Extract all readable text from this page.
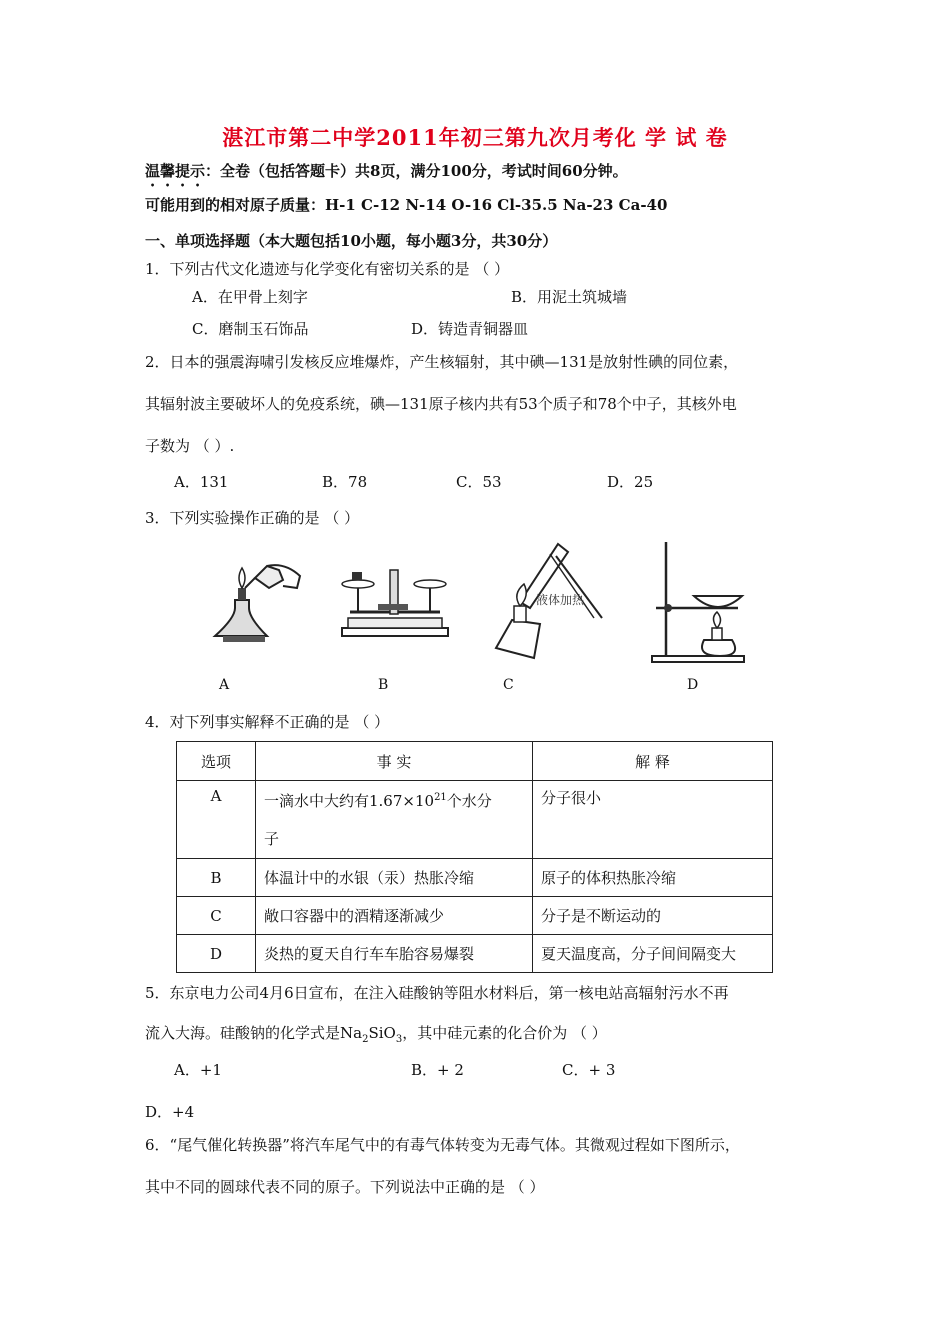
湛江市第二中学2011年初三第九次月考化 学 试 卷
温馨提示：全卷（包括答题卡）共8页，满分100分，考试时间60分钟。
可能用到的相对原子质量：H-1 C-12 N-14 O-16 Cl-35.5 Na-23 Ca-40
一、单项选择题（本大题包括10小题，每小题3分，共30分）
1．下列古代文化遗迹与化学变化有密切关系的是 （ ）
A．在甲骨上刻字	B．用泥土筑城墙
C．磨制玉石饰品	D．铸造青铜器皿
2．日本的强震海啸引发核反应堆爆炸，产生核辐射，其中碘—131是放射性碘的同位素，
其辐射波主要破坏人的免疫系统，碘—131原子核内共有53个质子和78个中子，其核外电
子数为 （ ）.
A．131	B．78	C．53	D．25
3．下列实验操作正确的是 （ ）
液体加热
A	B	C	D
4．对下列事实解释不正确的是 （ ）
选项	事 实	解 释
A	一滴水中大约有$1.67\times 10^{21}$个水分
子	分子很小
B	体温计中的水银（汞）热胀冷缩	原子的体积热胀冷缩
C	敞口容器中的酒精逐渐减少	分子是不断运动的
D	炎热的夏天自行车车胎容易爆裂	夏天温度高，分子间间隔变大
5．东京电力公司4月6日宣布，在注入硅酸钠等阻水材料后，第一核电站高辐射污水不再
流入大海。硅酸钠的化学式是$Na_2SiO_3$，其中硅元素的化合价为 （ ）
A．+1	B．+ 2	C．+ 3
D．+4
6．“尾气催化转换器”将汽车尾气中的有毒气体转变为无毒气体。其微观过程如下图所示，
其中不同的圆球代表不同的原子。下列说法中正确的是 （ ）
